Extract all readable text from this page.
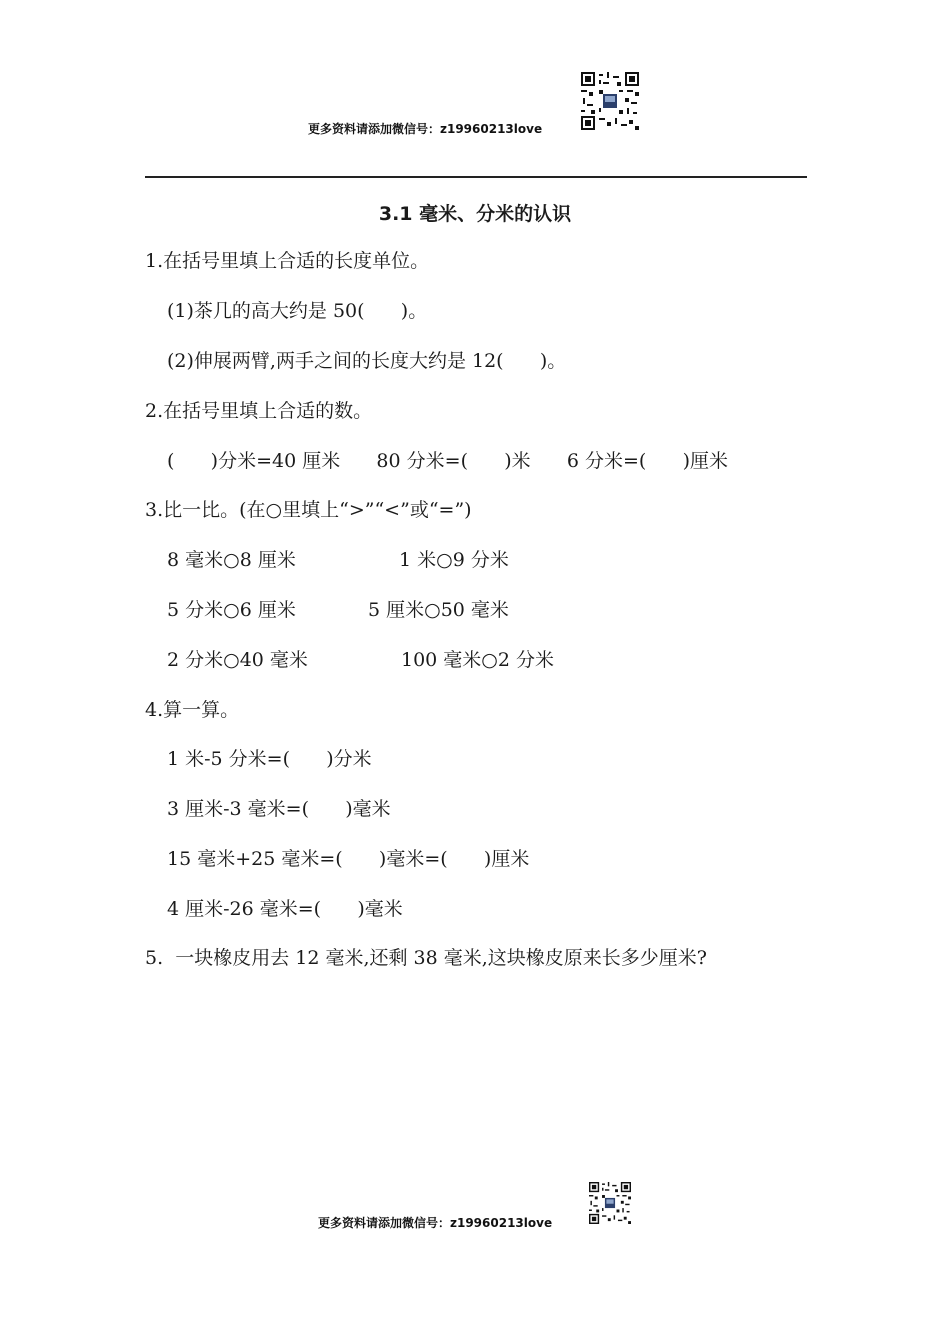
更多资料请添加微信号：z19960213love
3.1 毫米、分米的认识
1.在括号里填上合适的长度单位。
(1)茶几的高大约是 50(      )。
(2)伸展两臂,两手之间的长度大约是 12(      )。
2.在括号里填上合适的数。
(      )分米=40 厘米      80 分米=(      )米      6 分米=(      )厘米
3.比一比。(在○里填上“>”“<”或“=”)
8 毫米○8 厘米	1 米○9 分米
5 分米○6 厘米	5 厘米○50 毫米
2 分米○40 毫米	100 毫米○2 分米
4.算一算。
1 米-5 分米=(      )分米
3 厘米-3 毫米=(      )毫米
15 毫米+25 毫米=(      )毫米=(      )厘米
4 厘米-26 毫米=(      )毫米
5.  一块橡皮用去 12 毫米,还剩 38 毫米,这块橡皮原来长多少厘米?
更多资料请添加微信号：z19960213love
